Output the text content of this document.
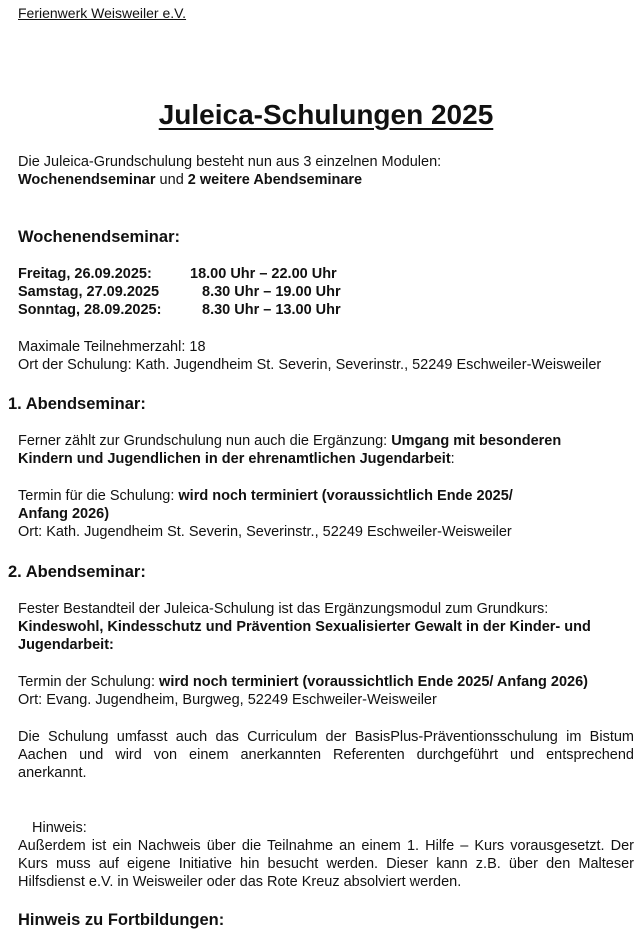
Ferienwerk Weisweiler e.V.
Juleica-Schulungen 2025
Die Juleica-Grundschulung besteht nun aus 3 einzelnen Modulen:
Wochenendseminar und 2 weitere Abendseminare
Wochenendseminar:
Freitag, 26.09.2025:	18.00 Uhr – 22.00 Uhr
Samstag, 27.09.2025	8.30 Uhr – 19.00 Uhr
Sonntag, 28.09.2025:	8.30 Uhr – 13.00 Uhr
Maximale Teilnehmerzahl: 18
Ort der Schulung: Kath. Jugendheim St. Severin, Severinstr., 52249 Eschweiler-Weisweiler
1. Abendseminar:
Ferner zählt zur Grundschulung nun auch die Ergänzung: Umgang mit besonderen
Kindern und Jugendlichen in der ehrenamtlichen Jugendarbeit:
Termin für die Schulung: wird noch terminiert (voraussichtlich Ende 2025/
Anfang 2026)
Ort: Kath. Jugendheim St. Severin, Severinstr., 52249 Eschweiler-Weisweiler
2. Abendseminar:
Fester Bestandteil der Juleica-Schulung ist das Ergänzungsmodul zum Grundkurs:
Kindeswohl, Kindesschutz und Prävention Sexualisierter Gewalt in der Kinder- und
Jugendarbeit:
Termin der Schulung: wird noch terminiert (voraussichtlich Ende 2025/ Anfang 2026)
Ort: Evang. Jugendheim, Burgweg, 52249 Eschweiler-Weisweiler
Die Schulung umfasst auch das Curriculum der BasisPlus-Präventionsschulung im Bistum Aachen und wird von einem anerkannten Referenten durchgeführt und entsprechend anerkannt.
Hinweis:
Außerdem ist ein Nachweis über die Teilnahme an einem 1. Hilfe – Kurs vorausgesetzt. Der Kurs muss auf eigene Initiative hin besucht werden. Dieser kann z.B. über den Malteser Hilfsdienst e.V. in Weisweiler oder das Rote Kreuz absolviert werden.
Hinweis zu Fortbildungen:
